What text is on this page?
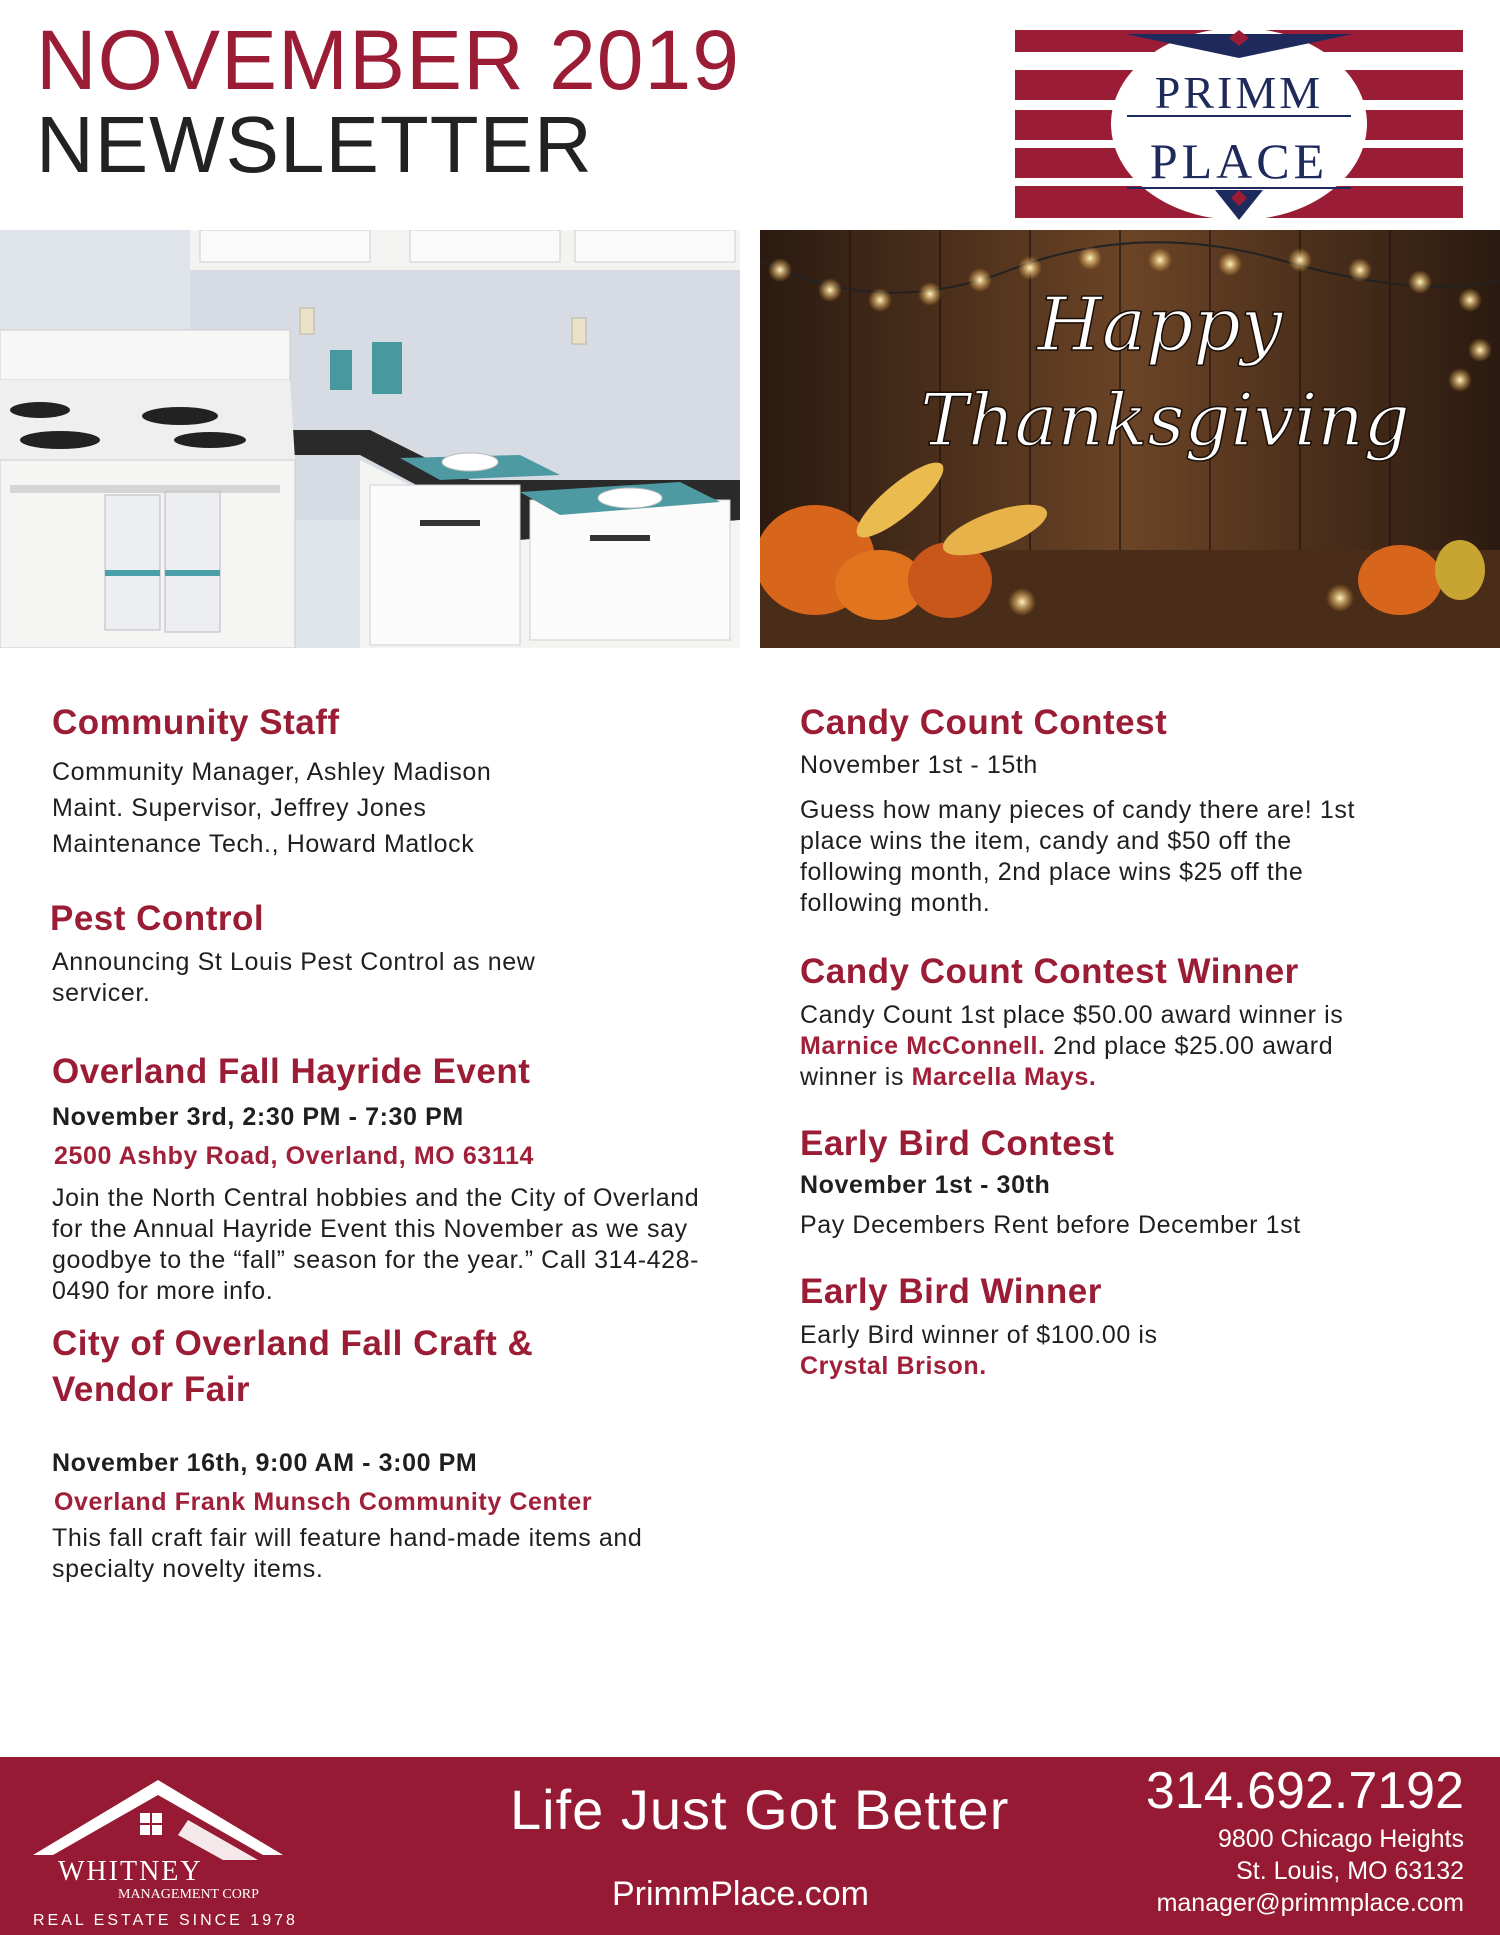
NOVEMBER 2019
NEWSLETTER
PRIMM
PLACE
Happy
Thanksgiving
Community Staff

Community Manager, Ashley Madison

Maint. Supervisor, Jeffrey Jones

Maintenance Tech., Howard Matlock

Pest Control

Announcing St Louis Pest Control as new servicer.

Overland Fall Hayride Event

November 3rd, 2:30 PM - 7:30 PM

2500 Ashby Road, Overland, MO 63114

Join the North Central hobbies and the City of Overland for the Annual Hayride Event this November as we say goodbye to the “fall” season for the year.” Call 314-428-0490 for more info.

City of Overland Fall Craft &
Vendor Fair

November 16th, 9:00 AM - 3:00 PM

Overland Frank Munsch Community Center

This fall craft fair will feature hand-made items and specialty novelty items.

Candy Count Contest

November 1st - 15th

Guess how many pieces of candy there are! 1st place wins the item, candy and $50 off the following month, 2nd place wins $25 off the following month.

Candy Count Contest Winner

Candy Count 1st place $50.00 award winner is Marnice McConnell. 2nd place $25.00 award winner is Marcella Mays.

Early Bird Contest

November 1st - 30th

Pay Decembers Rent before December 1st

Early Bird Winner

Early Bird winner of $100.00 is

Crystal Brison.

WHITNEY
MANAGEMENT CORP
REAL ESTATE SINCE 1978
Life Just Got Better
PrimmPlace.com
314.692.7192
9800 Chicago Heights
St. Louis, MO 63132
manager@primmplace.com
